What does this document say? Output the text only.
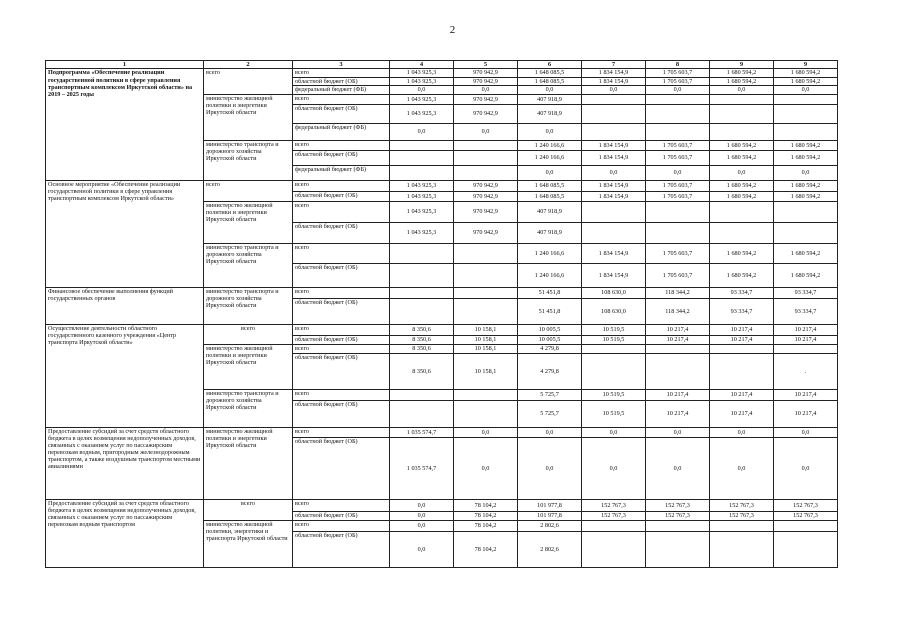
2
1	2	3	4	5	6	7	8	9	9
Подпрограмма «Обеспечение реализации государственной политики в сфере управления транспортным комплексом Иркутской области» на 2019 – 2025 годы	всего	всего	1 043 925,3	970 942,9	1 648 085,5	1 834 154,9	1 705 603,7	1 680 594,2	1 680 594,2
		областной бюджет (ОБ)	1 043 925,3	970 942,9	1 648 085,5	1 834 154,9	1 705 603,7	1 680 594,2	1 680 594,2
		федеральный бюджет (ФБ)	0,0	0,0	0,0	0,0	0,0	0,0	0,0
	министерство жилищной политики и энергетики Иркутской области	всего	1 043 925,3	970 942,9	407 918,9				
		областной бюджет (ОБ)	1 043 925,3	970 942,9	407 918,9				
		федеральный бюджет (ФБ)	0,0	0,0	0,0				
	министерство транспорта и дорожного хозяйства Иркутской области	всего			1 240 166,6	1 834 154,9	1 705 603,7	1 680 594,2	1 680 594,2
		областной бюджет (ОБ)			1 240 166,6	1 834 154,9	1 705 603,7	1 680 594,2	1 680 594,2
		федеральный бюджет (ФБ)			0,0	0,0	0,0	0,0	0,0
Основное мероприятие «Обеспечение реализации государственной политики в сфере управления транспортным комплексом Иркутской области»	всего	всего	1 043 925,3	970 942,9	1 648 085,5	1 834 154,9	1 705 603,7	1 680 594,2	1 680 594,2
		областной бюджет (ОБ)	1 043 925,3	970 942,9	1 648 085,5	1 834 154,9	1 705 603,7	1 680 594,2	1 680 594,2
	министерство жилищной политики и энергетики Иркутской области	всего	1 043 925,3	970 942,9	407 918,9				
		областной бюджет (ОБ)	1 043 925,3	970 942,9	407 918,9				
	министерство транспорта и дорожного хозяйства Иркутской области	всего			1 240 166,6	1 834 154,9	1 705 603,7	1 680 594,2	1 680 594,2
		областной бюджет (ОБ)			1 240 166,6	1 834 154,9	1 705 603,7	1 680 594,2	1 680 594,2
Финансовое обеспечение выполнения функций государственных органов	министерство транспорта и дорожного хозяйства Иркутской области	всего			51 451,8	108 630,0	118 344,2	93 334,7	93 334,7
		областной бюджет (ОБ)			51 451,8	108 630,0	118 344,2	93 334,7	93 334,7
Осуществление деятельности областного государственного казенного учреждения «Центр транспорта Иркутской области»	всего	всего	8 350,6	10 158,1	10 005,5	10 519,5	10 217,4	10 217,4	10 217,4
		областной бюджет (ОБ)	8 350,6	10 158,1	10 005,5	10 519,5	10 217,4	10 217,4	10 217,4
	министерство жилищной политики и энергетики Иркутской области	всего	8 350,6	10 158,1	4 279,8				
		областной бюджет (ОБ)	8 350,6	10 158,1	4 279,8				.
	министерство транспорта и дорожного хозяйства Иркутской области	всего			5 725,7	10 519,5	10 217,4	10 217,4	10 217,4
		областной бюджет (ОБ)			5 725,7	10 519,5	10 217,4	10 217,4	10 217,4
Предоставление субсидий за счет средств областного бюджета в целях возмещения недополученных доходов, связанных с оказанием услуг по пассажирским перевозкам водным, пригородным железнодорожным транспортом, а также воздушным транспортом местными авиалиниями	министерство жилищной политики и энергетики Иркутской области	всего	1 035 574,7	0,0	0,0	0,0	0,0	0,0	0,0
		областной бюджет (ОБ)	1 035 574,7	0,0	0,0	0,0	0,0	0,0	0,0
Предоставление субсидий за счет средств областного бюджета в целях возмещения недополученных доходов, связанных с оказанием услуг по пассажирским перевозкам водным транспортом	всего	всего	0,0	78 104,2	101 977,8	152 767,3	152 767,3	152 767,3	152 767,3
		областной бюджет (ОБ)	0,0	78 104,2	101 977,8	152 767,3	152 767,3	152 767,3	152 767,3
	министерство жилищной политики, энергетики и транспорта Иркутской области	всего	0,0	78 104,2	2 802,6				
		областной бюджет (ОБ)	0,0	78 104,2	2 802,6				
